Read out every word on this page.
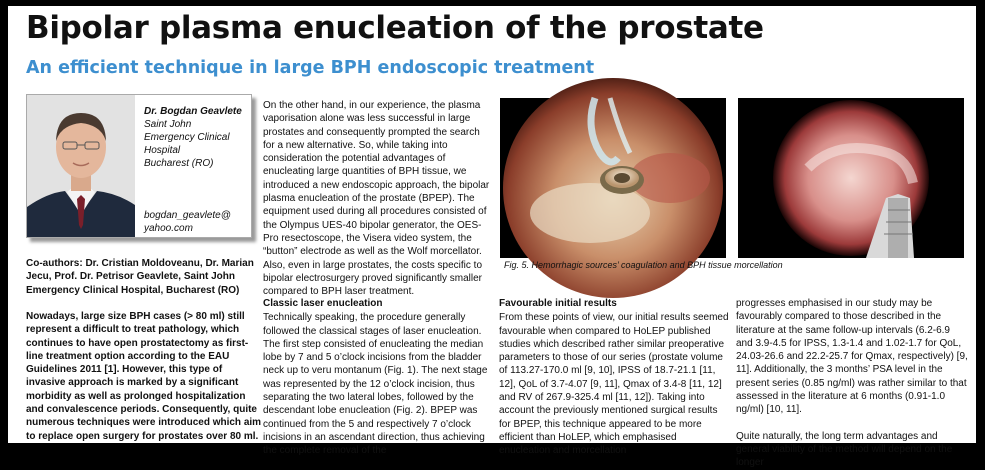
Bipolar plasma enucleation of the prostate
An efficient technique in large BPH endoscopic treatment
Dr. Bogdan Geavlete
Saint John
Emergency Clinical
Hospital
Bucharest (RO)
bogdan_geavlete@
yahoo.com

Co-authors: Dr. Cristian Moldoveanu, Dr. Marian Jecu, Prof. Dr. Petrisor Geavlete, Saint John Emergency Clinical Hospital, Bucharest (RO)

Nowadays, large size BPH cases (> 80 ml) still represent a difficult to treat pathology, which continues to have open prostatectomy as first-line treatment option according to the EAU Guidelines 2011 [1]. However, this type of invasive approach is marked by a significant morbidity as well as prolonged hospitalization and convalescence periods. Consequently, quite numerous techniques were introduced which aim to replace open surgery for prostates over 80 ml.

On the other hand, in our experience, the plasma vaporisation alone was less successful in large prostates and consequently prompted the search for a new alternative. So, while taking into consideration the potential advantages of enucleating large quantities of BPH tissue, we introduced a new endoscopic approach, the bipolar plasma enucleation of the prostate (BPEP). The equipment used during all procedures consisted of the Olympus UES-40 bipolar generator, the OES-Pro resectoscope, the Visera video system, the “button” electrode as well as the Wolf morcellator. Also, even in large prostates, the costs specific to bipolar electrosurgery proved significantly smaller compared to BPH laser treatment.

Classic laser enucleation
Technically speaking, the procedure generally followed the classical stages of laser enucleation. The first step consisted of enucleating the median lobe by 7 and 5 o’clock incisions from the bladder neck up to veru montanum (Fig. 1). The next stage was represented by the 12 o’clock incision, thus separating the two lateral lobes, followed by the descendant lobe enucleation (Fig. 2). BPEP was continued from the 5 and respectively 7 o’clock incisions in an ascendant direction, thus achieving the complete removal of the
Favourable initial results
From these points of view, our initial results seemed favourable when compared to HoLEP published studies which described rather similar preoperative parameters to those of our series (prostate volume of 113.27-170.0 ml [9, 10], IPSS of 18.7-21.1 [11, 12], QoL of 3.7-4.07 [9, 11], Qmax of 3.4-8 [11, 12] and RV of 267.9-325.4 ml [11, 12]). Taking into account the previously mentioned surgical results for BPEP, this technique appeared to be more efficient than HoLEP, which emphasised enucleation and morcellation

progresses emphasised in our study may be favourably compared to those described in the literature at the same follow-up intervals (6.2-6.9 and 3.9-4.5 for IPSS, 1.3-1.4 and 1.02-1.7 for QoL, 24.03-26.6 and 22.2-25.7 for Qmax, respectively) [9, 11]. Additionally, the 3 months’ PSA level in the present series (0.85 ng/ml) was rather similar to that assessed in the literature at 6 months (0.91-1.0 ng/ml) [10, 11].

Quite naturally, the long term advantages and general viability of the method will depend on the longer

Fig. 5. Hemorrhagic sources’ coagulation and BPH tissue morcellation
